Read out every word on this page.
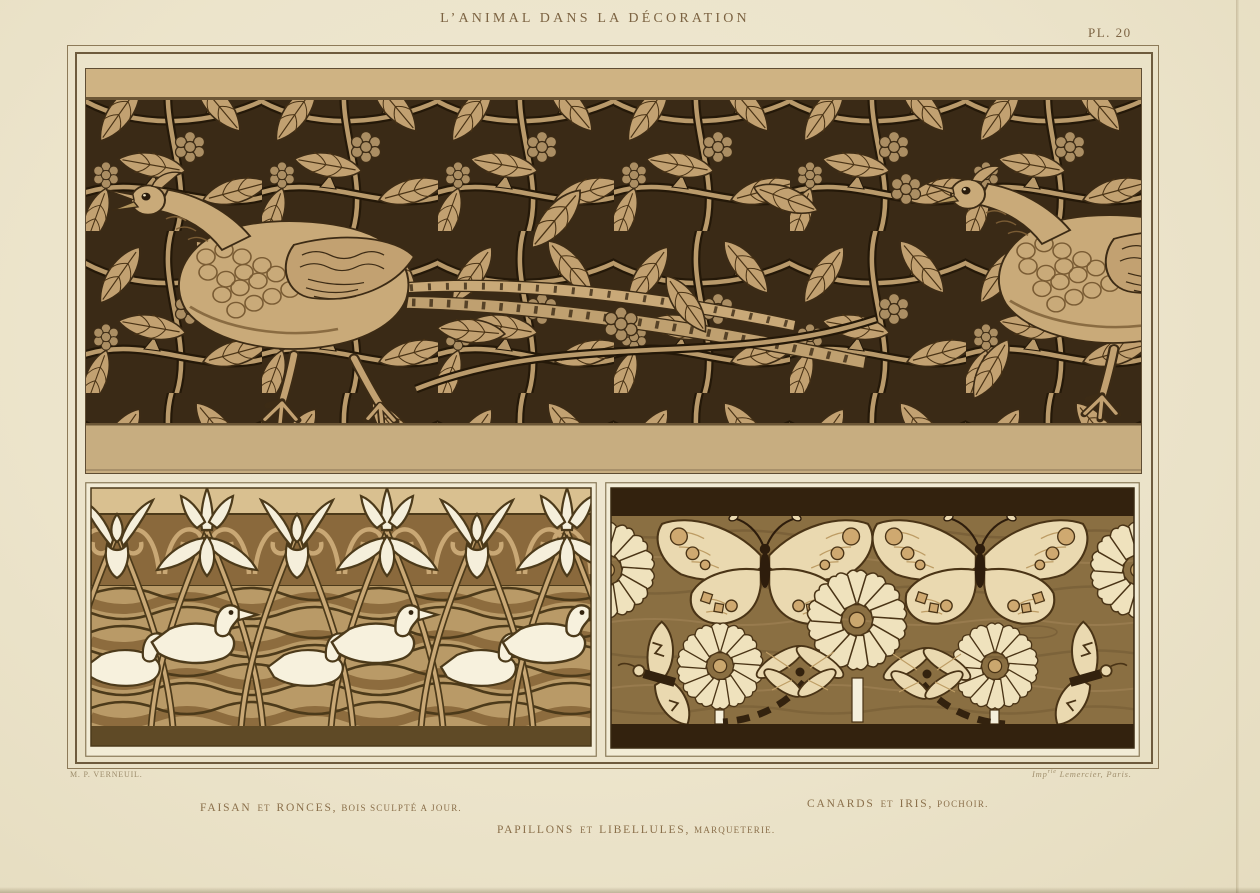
L’ANIMAL DANS LA DÉCORATION
PL. 20
M. P. VERNEUIL.	Imp$^{rie}$ Lemercier, Paris.
FAISAN ET RONCES, BOIS SCULPTÉ A JOUR.	CANARDS ET IRIS, POCHOIR.
PAPILLONS ET LIBELLULES, MARQUETERIE.
